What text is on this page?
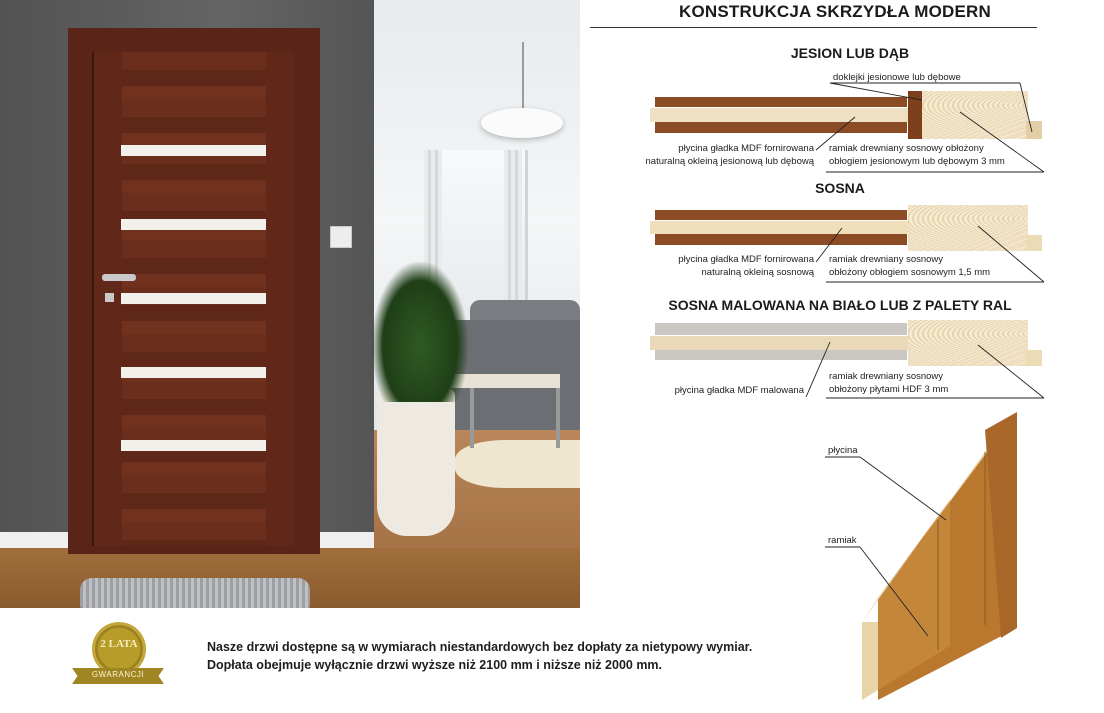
KONSTRUKCJA SKRZYDŁA MODERN
JESION LUB DĄB
doklejki jesionowe lub dębowe
płycina gładka MDF fornirowana
naturalną okleiną jesionową lub dębową
ramiak drewniany sosnowy obłożony
obłogiem jesionowym lub dębowym 3 mm
SOSNA
płycina gładka MDF fornirowana
naturalną okleiną sosnową
ramiak drewniany sosnowy
obłożony obłogiem sosnowym 1,5 mm
SOSNA MALOWANA NA BIAŁO LUB Z PALETY RAL
płycina gładka MDF malowana
ramiak drewniany sosnowy
obłożony płytami HDF 3 mm
płycina
ramiak
2 LATA
GWARANCJI
Nasze drzwi dostępne są w wymiarach niestandardowych bez dopłaty za nietypowy wymiar.
Dopłata obejmuje wyłącznie drzwi wyższe niż 2100 mm i niższe niż 2000 mm.
